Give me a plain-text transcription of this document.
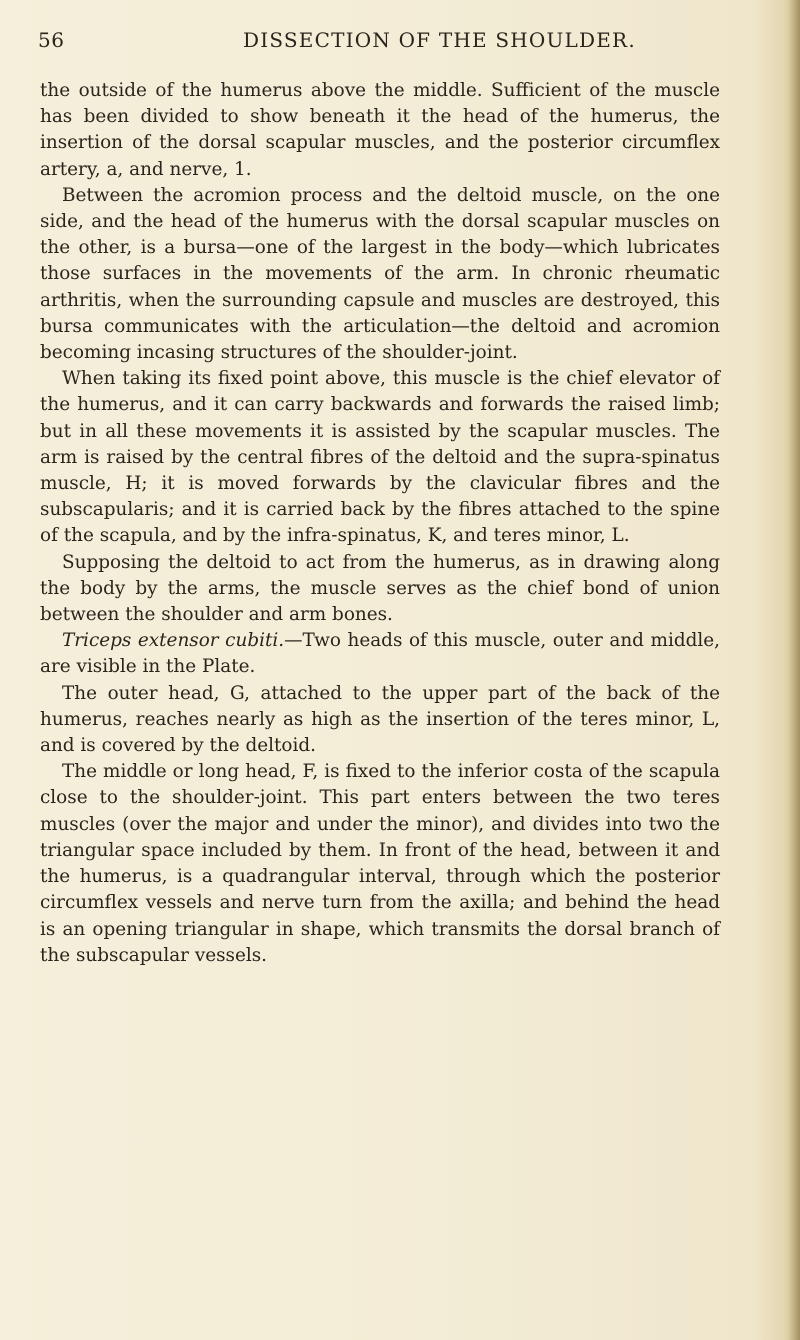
56	DISSECTION OF THE SHOULDER.

the outside of the humerus above the middle. Sufficient of the muscle has been divided to show beneath it the head of the humerus, the insertion of the dorsal scapular muscles, and the posterior circumflex artery, a, and nerve, 1.

Between the acromion process and the deltoid muscle, on the one side, and the head of the humerus with the dorsal scapular muscles on the other, is a bursa—one of the largest in the body—which lubricates those surfaces in the movements of the arm. In chronic rheumatic arthritis, when the surrounding capsule and muscles are destroyed, this bursa communicates with the articulation—the deltoid and acromion becoming incasing structures of the shoulder-joint.

When taking its fixed point above, this muscle is the chief elevator of the humerus, and it can carry backwards and forwards the raised limb; but in all these movements it is assisted by the scapular muscles. The arm is raised by the central fibres of the deltoid and the supra-spinatus muscle, H; it is moved forwards by the clavicular fibres and the subscapularis; and it is carried back by the fibres attached to the spine of the scapula, and by the infra-spinatus, K, and teres minor, L.

Supposing the deltoid to act from the humerus, as in drawing along the body by the arms, the muscle serves as the chief bond of union between the shoulder and arm bones.

Triceps extensor cubiti.—Two heads of this muscle, outer and middle, are visible in the Plate.

The outer head, G, attached to the upper part of the back of the humerus, reaches nearly as high as the insertion of the teres minor, L, and is covered by the deltoid.

The middle or long head, F, is fixed to the inferior costa of the scapula close to the shoulder-joint. This part enters between the two teres muscles (over the major and under the minor), and divides into two the triangular space included by them. In front of the head, between it and the humerus, is a quadrangular interval, through which the posterior circumflex vessels and nerve turn from the axilla; and behind the head is an opening triangular in shape, which transmits the dorsal branch of the subscapular vessels.
